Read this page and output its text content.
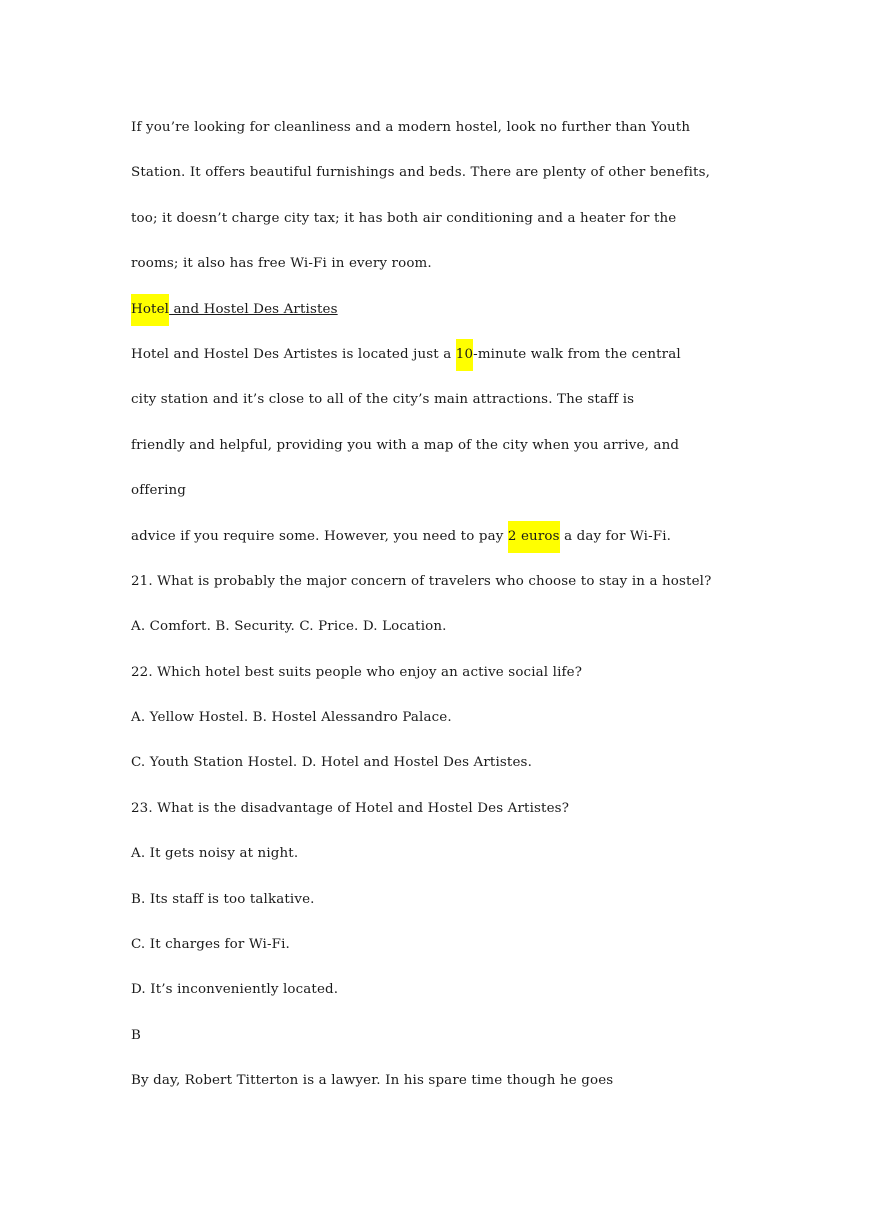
If you’re looking for cleanliness and a modern hostel, look no further than Youth
Station. It offers beautiful furnishings and beds. There are plenty of other benefits,
too; it doesn’t charge city tax; it has both air conditioning and a heater for the
rooms; it also has free Wi-Fi in every room.
Hotel and Hostel Des Artistes
Hotel and Hostel Des Artistes is located just a 10-minute walk from the central
city station and it’s close to all of the city’s main attractions. The staff is
friendly and helpful, providing you with a map of the city when you arrive, and
offering
advice if you require some. However, you need to pay 2 euros a day for Wi-Fi.
21. What is probably the major concern of travelers who choose to stay in a hostel?
A. Comfort. B. Security. C. Price. D. Location.
22. Which hotel best suits people who enjoy an active social life?
A. Yellow Hostel. B. Hostel Alessandro Palace.
C. Youth Station Hostel. D. Hotel and Hostel Des Artistes.
23. What is the disadvantage of Hotel and Hostel Des Artistes?
A. It gets noisy at night.
B. Its staff is too talkative.
C. It charges for Wi-Fi.
D. It’s inconveniently located.
B
By day, Robert Titterton is a lawyer. In his spare time though he goes
